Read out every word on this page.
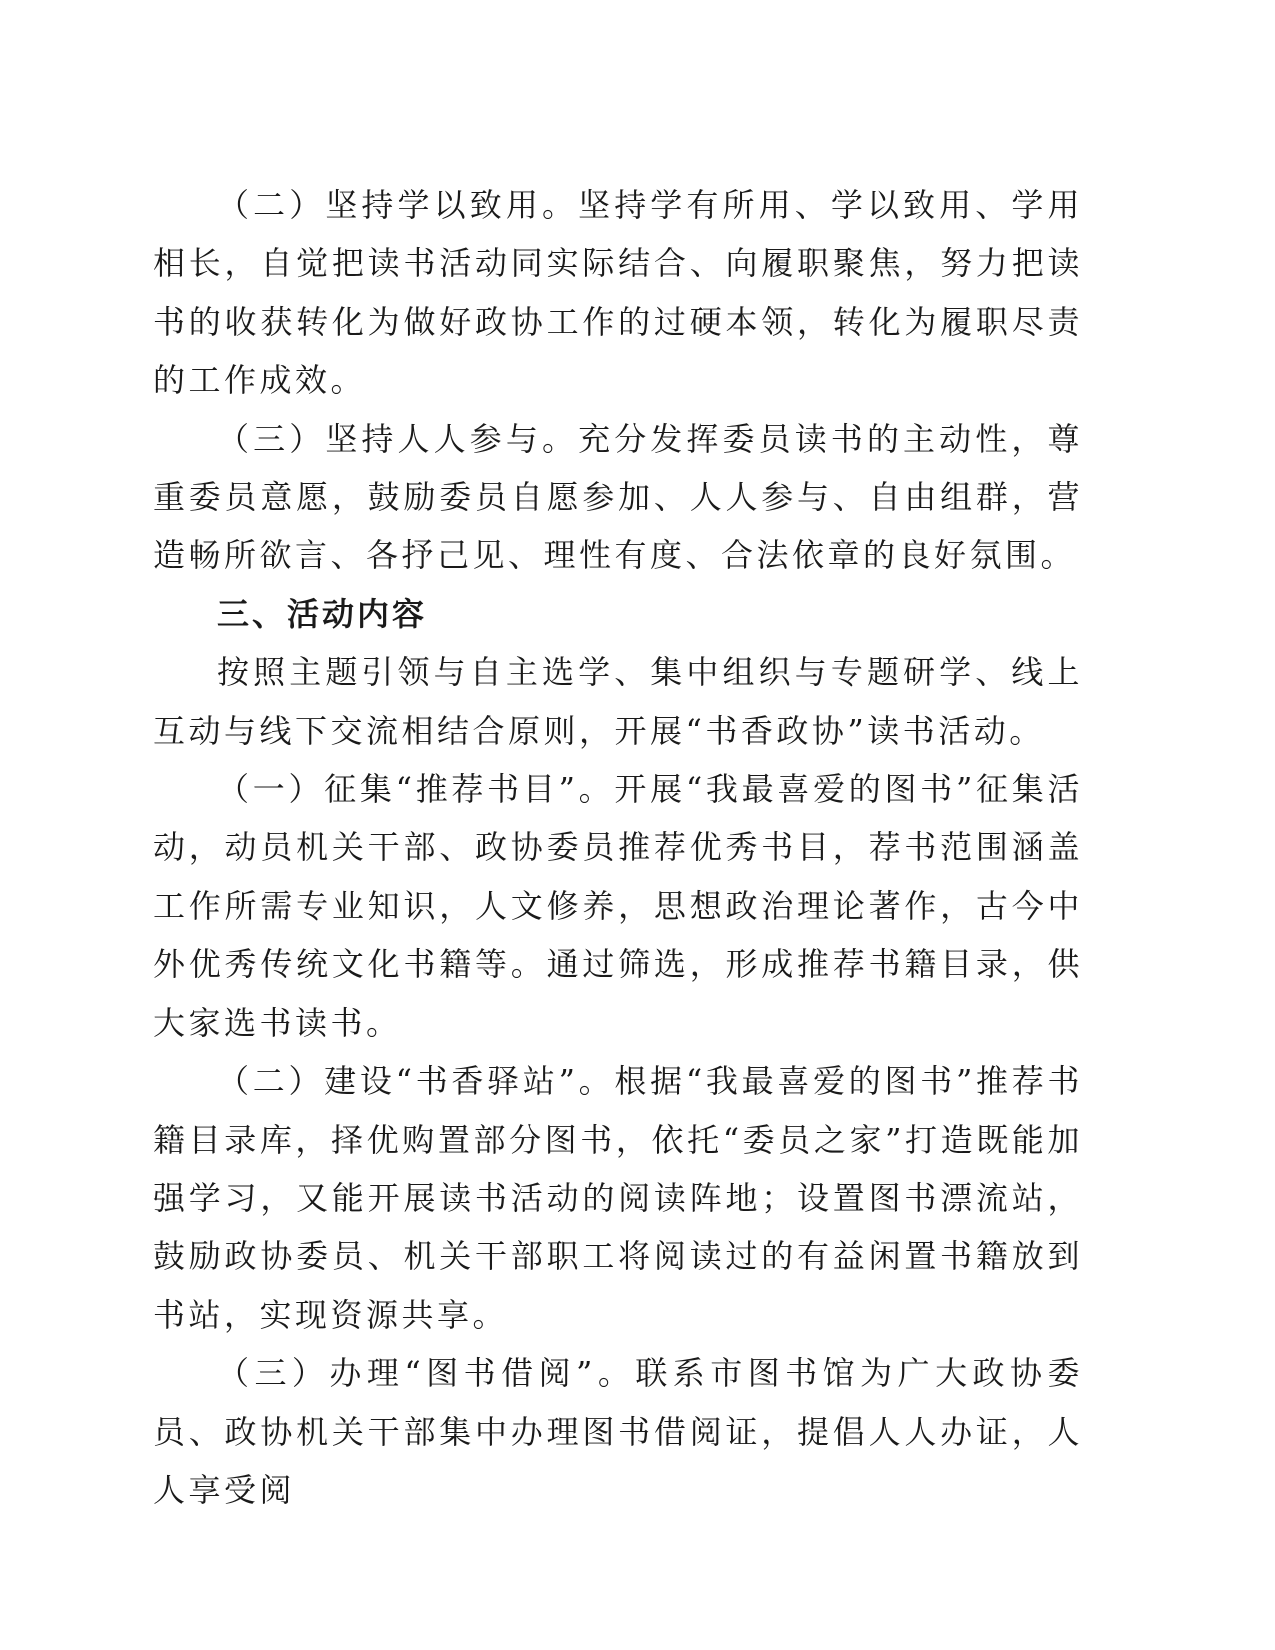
（二）坚持学以致用。坚持学有所用、学以致用、学用相长，自觉把读书活动同实际结合、向履职聚焦，努力把读书的收获转化为做好政协工作的过硬本领，转化为履职尽责的工作成效。

（三）坚持人人参与。充分发挥委员读书的主动性，尊重委员意愿，鼓励委员自愿参加、人人参与、自由组群，营造畅所欲言、各抒己见、理性有度、合法依章的良好氛围。

三、活动内容

按照主题引领与自主选学、集中组织与专题研学、线上互动与线下交流相结合原则，开展“书香政协”读书活动。

（一）征集“推荐书目”。开展“我最喜爱的图书”征集活动，动员机关干部、政协委员推荐优秀书目，荐书范围涵盖工作所需专业知识，人文修养，思想政治理论著作，古今中外优秀传统文化书籍等。通过筛选，形成推荐书籍目录，供大家选书读书。

（二）建设“书香驿站”。根据“我最喜爱的图书”推荐书籍目录库，择优购置部分图书，依托“委员之家”打造既能加强学习，又能开展读书活动的阅读阵地；设置图书漂流站，鼓励政协委员、机关干部职工将阅读过的有益闲置书籍放到书站，实现资源共享。

（三）办理“图书借阅”。联系市图书馆为广大政协委员、政协机关干部集中办理图书借阅证，提倡人人办证，人人享受阅
